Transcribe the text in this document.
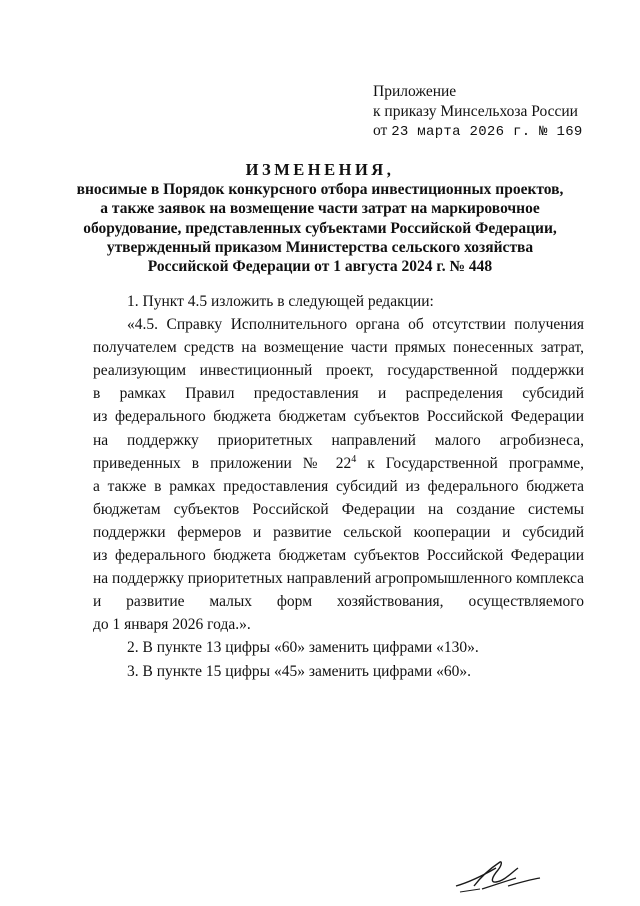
Приложение
к приказу Минсельхоза России
от 23 марта 2026 г. № 169
ИЗМЕНЕНИЯ,
вносимые в Порядок конкурсного отбора инвестиционных проектов,
а также заявок на возмещение части затрат на маркировочное
оборудование, представленных субъектами Российской Федерации,
утвержденный приказом Министерства сельского хозяйства
Российской Федерации от 1 августа 2024 г. № 448
1. Пункт 4.5 изложить в следующей редакции:
«4.5. Справку Исполнительного органа об отсутствии получения
получателем средств на возмещение части прямых понесенных затрат,
реализующим инвестиционный проект, государственной поддержки
в рамках Правил предоставления и распределения субсидий
из федерального бюджета бюджетам субъектов Российской Федерации
на поддержку приоритетных направлений малого агробизнеса,
приведенных в приложении № $22^4$ к Государственной программе,
а также в рамках предоставления субсидий из федерального бюджета
бюджетам субъектов Российской Федерации на создание системы
поддержки фермеров и развитие сельской кооперации и субсидий
из федерального бюджета бюджетам субъектов Российской Федерации
на поддержку приоритетных направлений агропромышленного комплекса
и развитие малых форм хозяйствования, осуществляемого
до 1 января 2026 года.».
2. В пункте 13 цифры «60» заменить цифрами «130».
3. В пункте 15 цифры «45» заменить цифрами «60».
